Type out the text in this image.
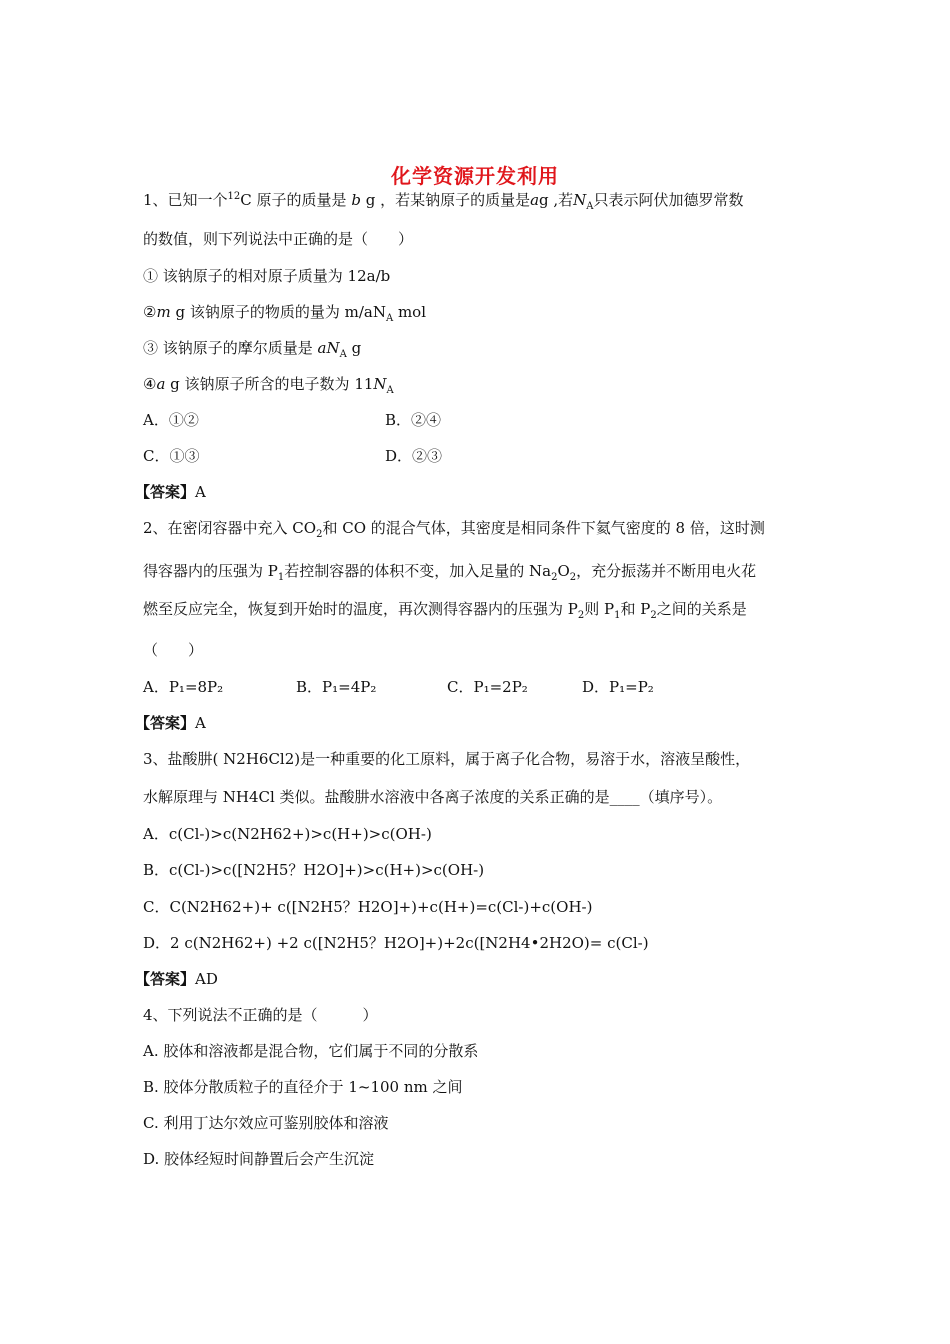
化学资源开发利用
1、已知一个$^{12}$C 原子的质量是 b g ，若某钠原子的质量是ag ,若$N_A$只表示阿伏加德罗常数
的数值，则下列说法中正确的是（　　）
① 该钠原子的相对原子质量为 12a/b
②m g 该钠原子的物质的量为 $m/aN_A$ mol
③ 该钠原子的摩尔质量是 $aN_A$ g
④a g 该钠原子所含的电子数为 $11N_A$
A．①②	B．②④
C．①③	D．②③
【答案】A
2、在密闭容器中充入 $CO_2$和 CO 的混合气体，其密度是相同条件下氦气密度的 8 倍，这时测
得容器内的压强为 $P_1$若控制容器的体积不变，加入足量的 $Na_2O_2$，充分振荡并不断用电火花
燃至反应完全，恢复到开始时的温度，再次测得容器内的压强为 $P_2$则 $P_1$和 $P_2$之间的关系是
（　　）
A．P₁=8P₂	B．P₁=4P₂	C．P₁=2P₂	D．P₁=P₂
【答案】A
3、盐酸肼( N2H6Cl2)是一种重要的化工原料，属于离子化合物，易溶于水，溶液呈酸性，
水解原理与 NH4Cl 类似。盐酸肼水溶液中各离子浓度的关系正确的是____（填序号）。
A．c(Cl-)>c(N2H62+)>c(H+)>c(OH-)
B．c(Cl-)>c([N2H5？H2O]+)>c(H+)>c(OH-)
C．C(N2H62+)+ c([N2H5？H2O]+)+c(H+)=c(Cl-)+c(OH-)
D．2 c(N2H62+) +2 c([N2H5？H2O]+)+2c([N2H4•2H2O)= c(Cl-)
【答案】AD
4、下列说法不正确的是（　　　）
A. 胶体和溶液都是混合物，它们属于不同的分散系
B. 胶体分散质粒子的直径介于 1~100 nm 之间
C. 利用丁达尔效应可鉴别胶体和溶液
D. 胶体经短时间静置后会产生沉淀
